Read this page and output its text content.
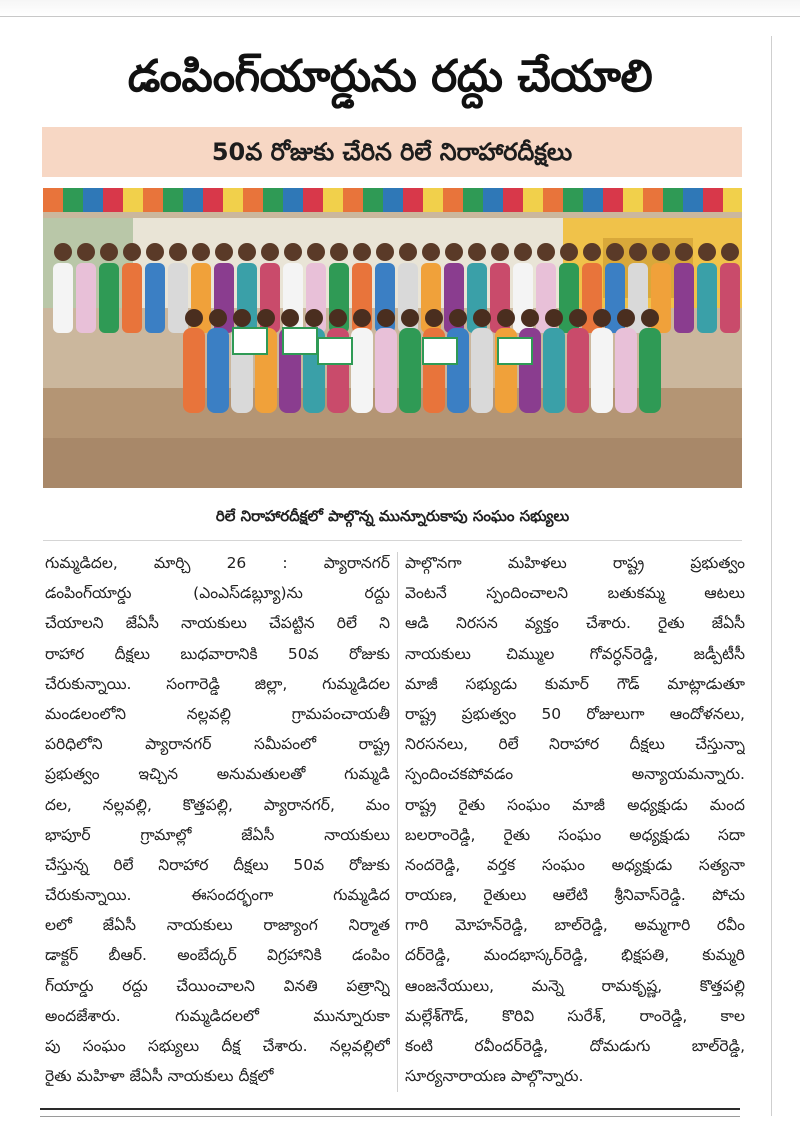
డంపింగ్‌యార్డును రద్దు చేయాలి
50వ రోజుకు చేరిన రిలే నిరాహారదీక్షలు
రిలే నిరాహారదీక్షలో పాల్గొన్న మున్నూరుకాపు సంఘం సభ్యులు
గుమ్మడిదల, మార్చి 26 : ప్యారానగర్
డంపింగ్‌యార్డు (ఎంఎస్‌డబ్ల్యూ)ను రద్దు
చేయాలని జేఏసీ నాయకులు చేపట్టిన రిలే ని
రాహార దీక్షలు బుధవారానికి 50వ రోజుకు
చేరుకున్నాయి. సంగారెడ్డి జిల్లా, గుమ్మడిదల
మండలంలోని నల్లవల్లి గ్రామపంచాయతీ
పరిధిలోని ప్యారానగర్ సమీపంలో రాష్ట్ర
ప్రభుత్వం ఇచ్చిన అనుమతులతో గుమ్మడి
దల, నల్లవల్లి, కొత్తపల్లి, ప్యారానగర్, మం
భాపూర్ గ్రామాల్లో జేఏసీ నాయకులు
చేస్తున్న రిలే నిరాహార దీక్షలు 50వ రోజుకు
చేరుకున్నాయి. ఈసందర్భంగా గుమ్మడిద
లలో జేఏసీ నాయకులు రాజ్యాంగ నిర్మాత
డాక్టర్ బీఆర్. అంబేద్కర్ విగ్రహానికి డంపిం
గ్‌యార్డు రద్దు చేయించాలని వినతి పత్రాన్ని
అందజేశారు. గుమ్మడిదలలో మున్నూరుకా
పు సంఘం సభ్యులు దీక్ష చేశారు. నల్లవల్లిలో
రైతు మహిళా జేఏసీ నాయకులు దీక్షలో
పాల్గొనగా మహిళలు రాష్ట్ర ప్రభుత్వం
వెంటనే స్పందించాలని బతుకమ్మ ఆటలు
ఆడి నిరసన వ్యక్తం చేశారు. రైతు జేఏసీ
నాయకులు చిమ్ముల గోవర్ధన్‌రెడ్డి, జడ్పీటీసీ
మాజీ సభ్యుడు కుమార్ గౌడ్ మాట్లాడుతూ
రాష్ట్ర ప్రభుత్వం 50 రోజులుగా ఆందోళనలు,
నిరసనలు, రిలే నిరాహార దీక్షలు చేస్తున్నా
స్పందించకపోవడం అన్యాయమన్నారు.
రాష్ట్ర రైతు సంఘం మాజీ అధ్యక్షుడు మంద
బలరాంరెడ్డి, రైతు సంఘం అధ్యక్షుడు సదా
నందరెడ్డి, వర్తక సంఘం అధ్యక్షుడు సత్యనా
రాయణ, రైతులు ఆలేటి శ్రీనివాస్‌రెడ్డి. పోచు
గారి మోహన్‌రెడ్డి, బాల్‌రెడ్డి, అమ్మగారి రవీం
దర్‌రెడ్డి, మందభాస్కర్‌రెడ్డి, భిక్షపతి, కుమ్మరి
ఆంజనేయులు, మన్నె రామకృష్ణ, కొత్తపల్లి
మల్లేశ్‌గౌడ్, కొరివి సురేశ్, రాంరెడ్డి, కాల
కంటి రవీందర్‌రెడ్డి, దోమడుగు బాల్‌రెడ్డి,
సూర్యనారాయణ పాల్గొన్నారు.
